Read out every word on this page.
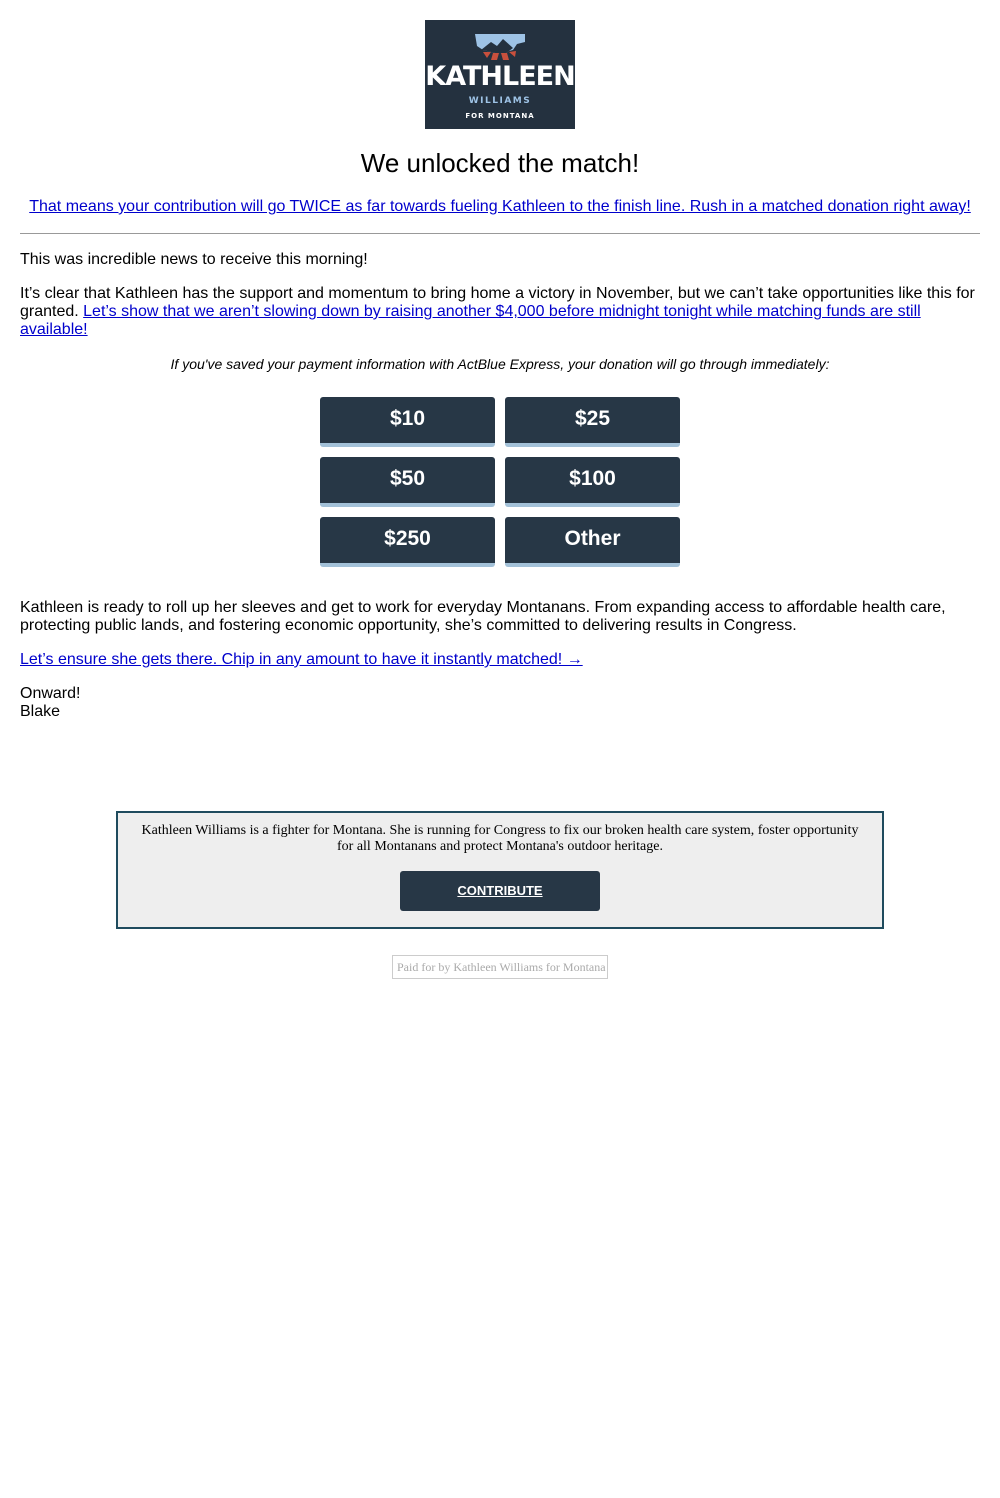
KATHLEEN
WILLIAMS
FOR MONTANA
We unlocked the match!
That means your contribution will go TWICE as far towards fueling Kathleen to the finish line. Rush in a matched donation right away!

This was incredible news to receive this morning!

It’s clear that Kathleen has the support and momentum to bring home a victory in November, but we can’t take opportunities like this for granted. Let’s show that we aren’t slowing down by raising another $4,000 before midnight tonight while matching funds are still available!

If you've saved your payment information with ActBlue Express, your donation will go through immediately:

$10	$25
$50	$100
$250	Other

Kathleen is ready to roll up her sleeves and get to work for everyday Montanans. From expanding access to affordable health care, protecting public lands, and fostering economic opportunity, she’s committed to delivering results in Congress.

Let’s ensure she gets there. Chip in any amount to have it instantly matched! →

Onward!
Blake

Kathleen Williams is a fighter for Montana. She is running for Congress to fix our broken health care system, foster opportunity for all Montanans and protect Montana's outdoor heritage.

CONTRIBUTE
Paid for by Kathleen Williams for Montana
